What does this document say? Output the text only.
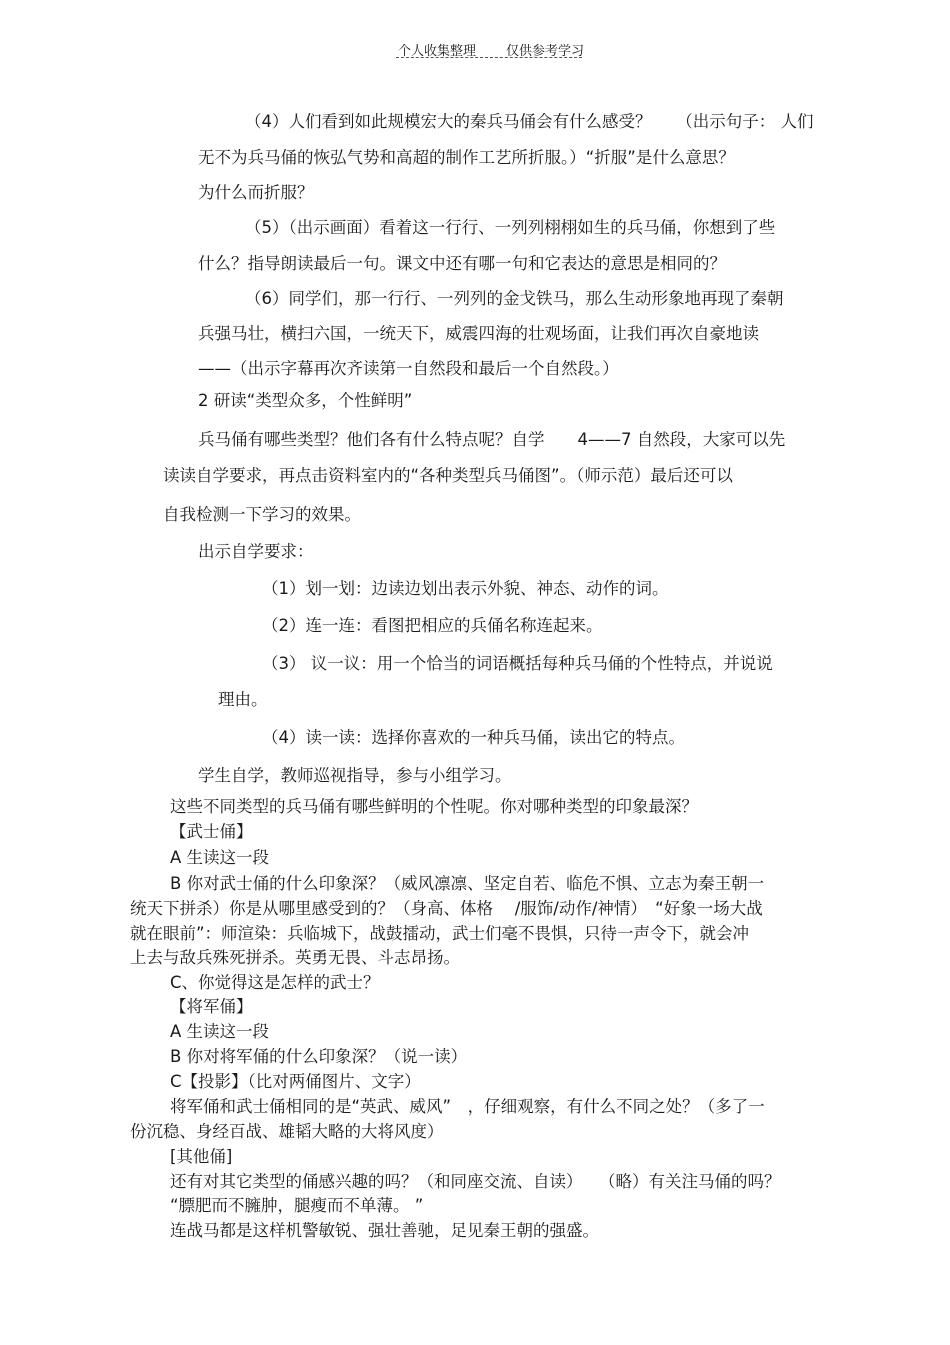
个人收集整理 仅供参考学习
（4）人们看到如此规模宏大的秦兵马俑会有什么感受？　　（出示句子： 人们
无不为兵马俑的恢弘气势和高超的制作工艺所折服。）“折服”是什么意思？
为什么而折服？
（5）（出示画面）看着这一行行、一列列栩栩如生的兵马俑，你想到了些
什么？指导朗读最后一句。课文中还有哪一句和它表达的意思是相同的？
（6）同学们，那一行行、一列列的金戈铁马，那么生动形象地再现了秦朝
兵强马壮，横扫六国，一统天下，威震四海的壮观场面，让我们再次自豪地读
——（出示字幕再次齐读第一自然段和最后一个自然段。）
2 研读“类型众多，个性鲜明”
兵马俑有哪些类型？他们各有什么特点呢？自学　　4——7 自然段，大家可以先
读读自学要求，再点击资料室内的“各种类型兵马俑图”。（师示范）最后还可以
自我检测一下学习的效果。
出示自学要求：
（1）划一划：边读边划出表示外貌、神态、动作的词。
（2）连一连：看图把相应的兵俑名称连起来。
（3） 议一议：用一个恰当的词语概括每种兵马俑的个性特点，并说说
理由。
（4）读一读：选择你喜欢的一种兵马俑，读出它的特点。
学生自学，教师巡视指导，参与小组学习。
这些不同类型的兵马俑有哪些鲜明的个性呢。你对哪种类型的印象最深？
【武士俑】
A 生读这一段
B 你对武士俑的什么印象深？（威风凛凛、坚定自若、临危不惧、立志为秦王朝一
统天下拼杀）你是从哪里感受到的？（身高、体格　 /服饰/动作/神情）　“好象一场大战
就在眼前”：师渲染：兵临城下，战鼓擂动，武士们毫不畏惧，只待一声令下，就会冲
上去与敌兵殊死拼杀。英勇无畏、斗志昂扬。
C、你觉得这是怎样的武士？
【将军俑】
A 生读这一段
B 你对将军俑的什么印象深？（说一读）
C【投影】（比对两俑图片、文字）
将军俑和武士俑相同的是“英武、威风”　，仔细观察，有什么不同之处？（多了一
份沉稳、身经百战、雄韬大略的大将风度）
[其他俑]
还有对其它类型的俑感兴趣的吗？（和同座交流、自读）　　（略）有关注马俑的吗？
“膘肥而不臃肿，腿瘦而不单薄。 ”
连战马都是这样机警敏锐、强壮善驰，足见秦王朝的强盛。
